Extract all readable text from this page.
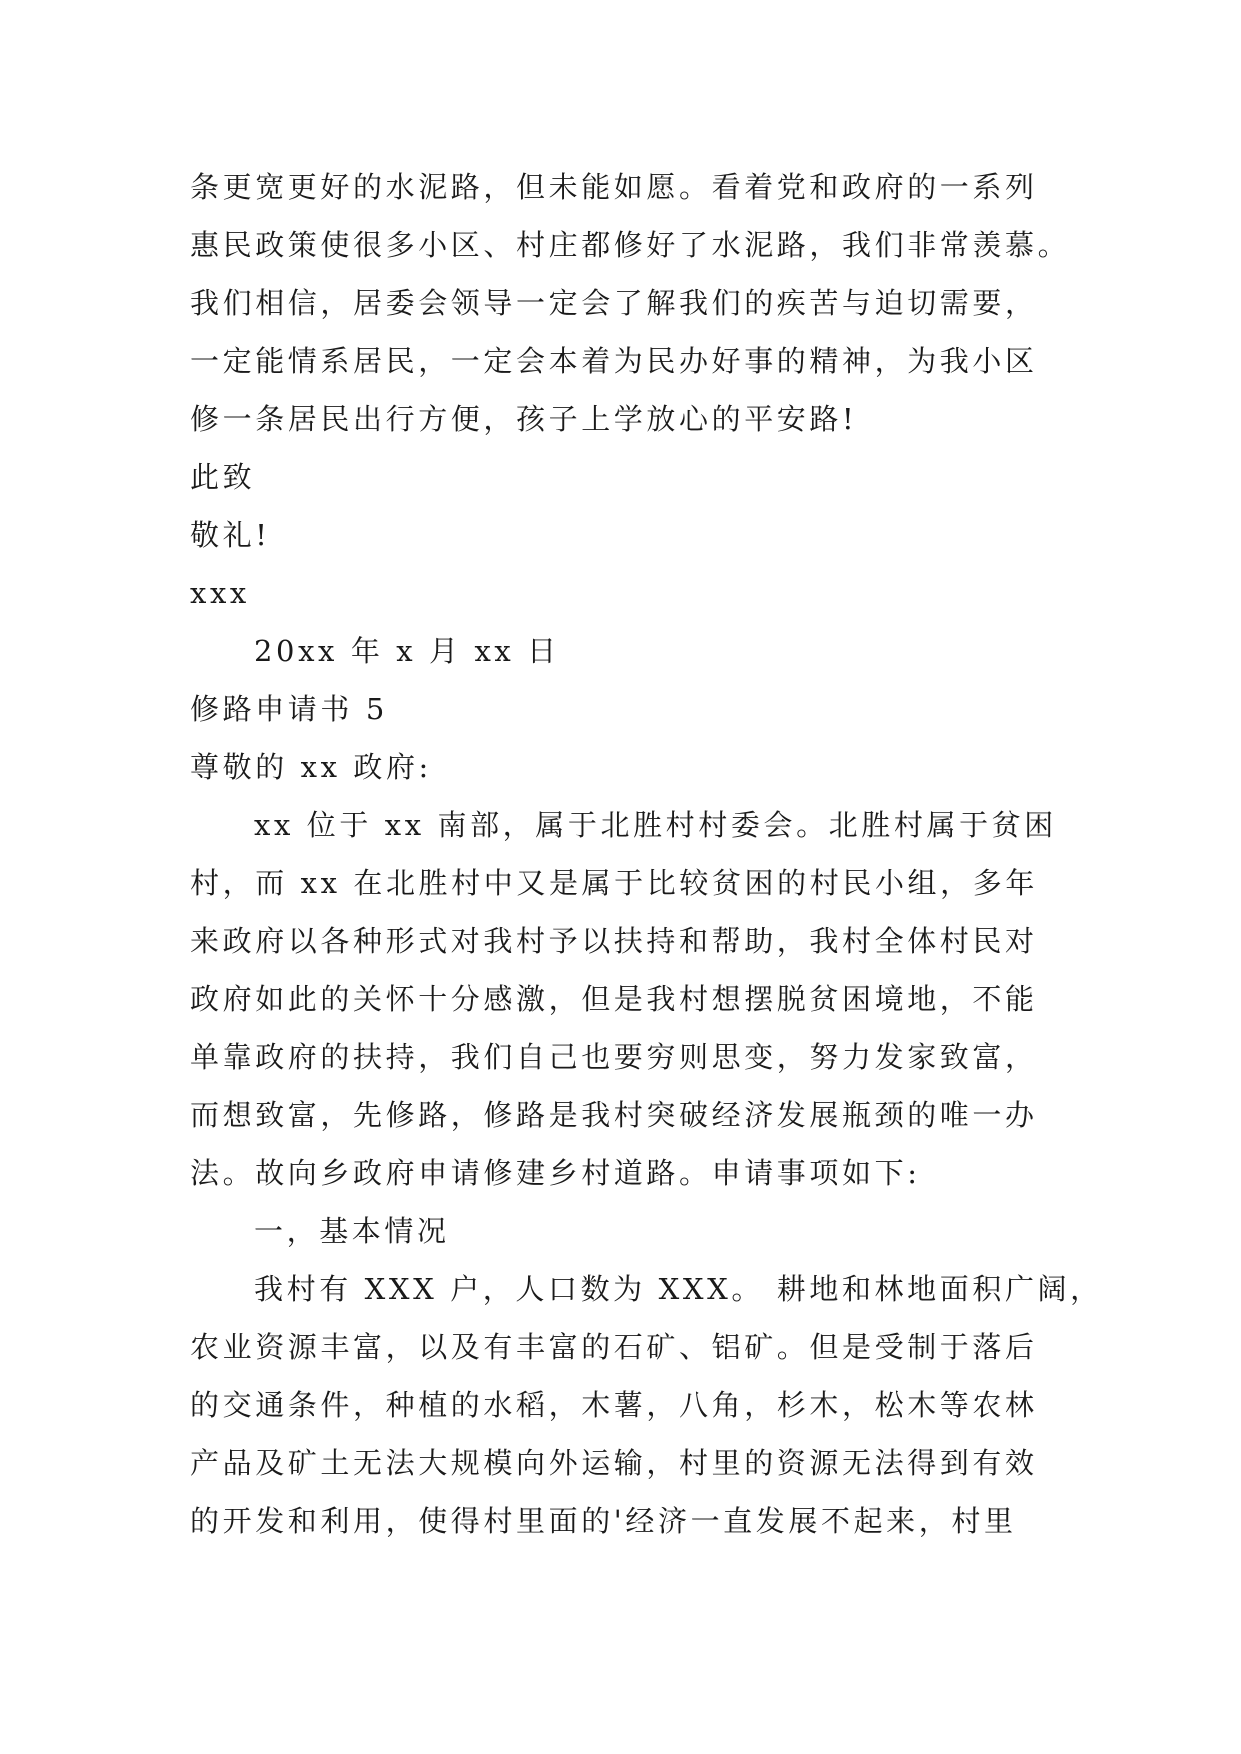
条更宽更好的水泥路，但未能如愿。看着党和政府的一系列
惠民政策使很多小区、村庄都修好了水泥路，我们非常羡慕。
我们相信，居委会领导一定会了解我们的疾苦与迫切需要，
一定能情系居民，一定会本着为民办好事的精神，为我小区
修一条居民出行方便，孩子上学放心的平安路!
此致
敬礼!
xxx
20xx 年 x 月 xx 日
修路申请书 5
尊敬的 xx 政府:
xx 位于 xx 南部，属于北胜村村委会。北胜村属于贫困
村，而 xx 在北胜村中又是属于比较贫困的村民小组，多年
来政府以各种形式对我村予以扶持和帮助，我村全体村民对
政府如此的关怀十分感激，但是我村想摆脱贫困境地，不能
单靠政府的扶持，我们自己也要穷则思变，努力发家致富，
而想致富，先修路，修路是我村突破经济发展瓶颈的唯一办
法。故向乡政府申请修建乡村道路。申请事项如下:
一，基本情况
我村有 XXX 户，人口数为 XXX。 耕地和林地面积广阔，
农业资源丰富，以及有丰富的石矿、铝矿。但是受制于落后
的交通条件，种植的水稻，木薯，八角，杉木，松木等农林
产品及矿土无法大规模向外运输，村里的资源无法得到有效
的开发和利用，使得村里面的'经济一直发展不起来，村里
